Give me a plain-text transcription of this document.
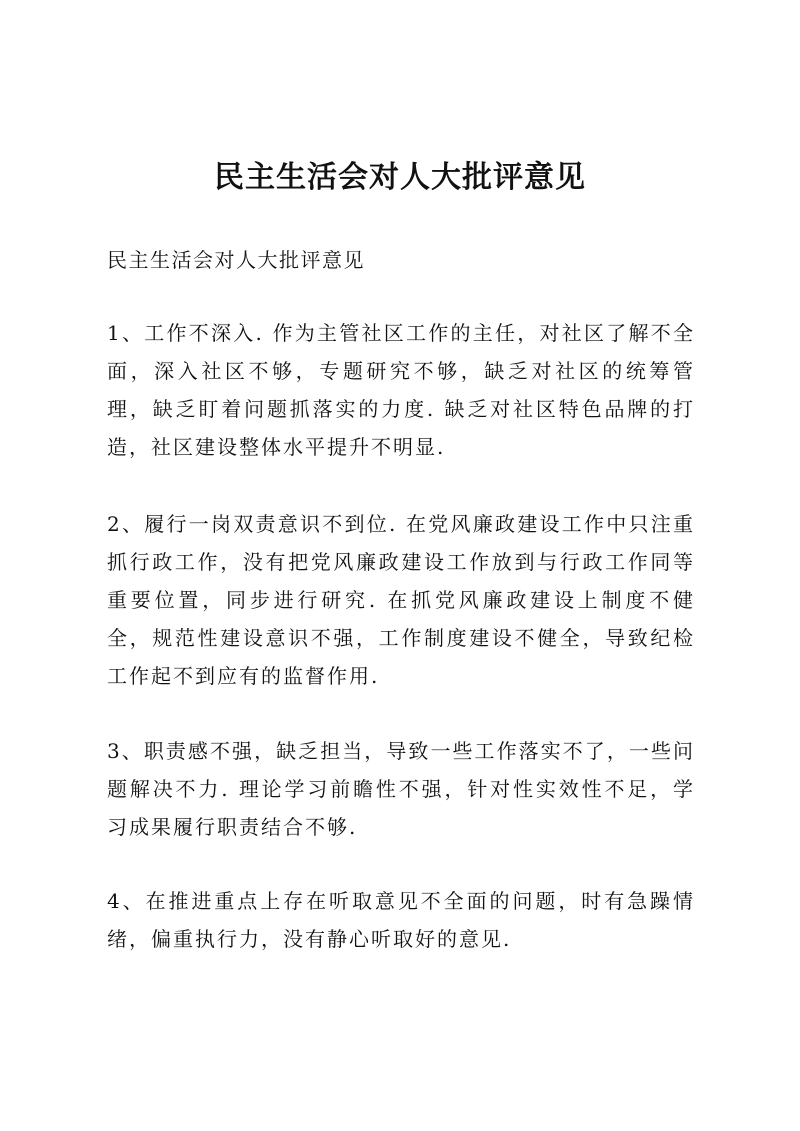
民主生活会对人大批评意见

民主生活会对人大批评意见

1、工作不深入. 作为主管社区工作的主任，对社区了解不全面，深入社区不够，专题研究不够，缺乏对社区的统筹管理，缺乏盯着问题抓落实的力度. 缺乏对社区特色品牌的打造，社区建设整体水平提升不明显.

2、履行一岗双责意识不到位. 在党风廉政建设工作中只注重抓行政工作，没有把党风廉政建设工作放到与行政工作同等重要位置，同步进行研究. 在抓党风廉政建设上制度不健全，规范性建设意识不强，工作制度建设不健全，导致纪检工作起不到应有的监督作用.

3、职责感不强，缺乏担当，导致一些工作落实不了，一些问题解决不力. 理论学习前瞻性不强，针对性实效性不足，学习成果履行职责结合不够.

4、在推进重点上存在听取意见不全面的问题，时有急躁情绪，偏重执行力，没有静心听取好的意见.
